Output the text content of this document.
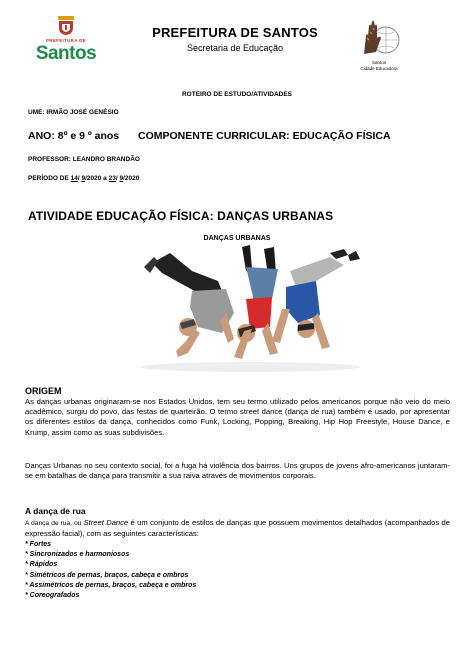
PREFEITURA DE
Santos
PREFEITURA DE SANTOS
Secretaria de Educação
Santos
Cidade Educadora
ROTEIRO DE ESTUDO/ATIVIDADES
UME: IRMÃO JOSÉ GENÉSIO
ANO: 8º e 9 º anos COMPONENTE CURRICULAR: EDUCAÇÃO FÍSICA
PROFESSOR: LEANDRO BRANDÃO
PERÍODO DE 14/ 9/2020 a 23/ 9/2020
ATIVIDADE EDUCAÇÃO FÍSICA: DANÇAS URBANAS
DANÇAS URBANAS
ORIGEM
As danças urbanas originaram-se nos Estados Unidos, tem seu termo utilizado pelos americanos porque não veio do meio acadêmico, surgiu do povo, das festas de quarteirão. O termo street dance (dança de rua) também é usado, por apresentar os diferentes estilos da dança, conhecidos como Funk, Locking, Popping, Breaking, Hip Hop Freestyle, House Dance, e Krump, assim como as suas subdivisões.
Danças Urbanas no seu contexto social, foi a fuga há violência dos bairros. Uns grupos de jovens afro-americanos juntaram-se em batalhas de dança para transmitir a sua raiva através de movimentos corporais.
A dança de rua
A dança de rua, ou Street Dance é um conjunto de estilos de danças que possuem movimentos detalhados (acompanhados de expressão facial), com as seguintes características:
* Fortes
* Sincronizados e harmoniosos
* Rápidos
* Simétricos de pernas, braços, cabeça e ombros
* Assimétricos de pernas, braços, cabeça e ombros
* Coreografados
